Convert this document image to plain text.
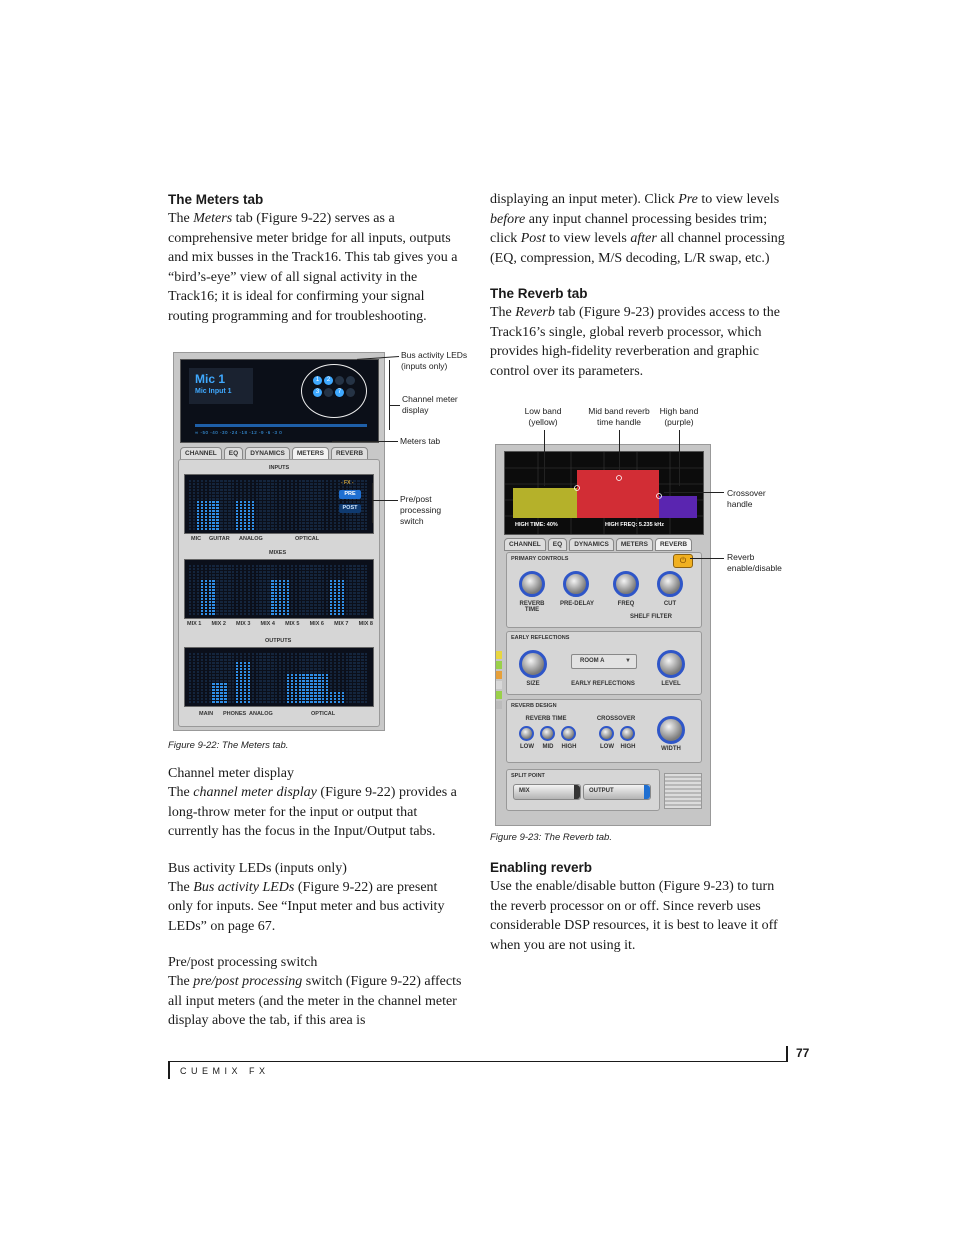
The Meters tab

The Meters tab (Figure 9-22) serves as a comprehensive meter bridge for all inputs, outputs and mix busses in the Track16. This tab gives you a “bird’s-eye” view of all signal activity in the Track16; it is ideal for confirming your signal routing programming and for troubleshooting.

Channel meter display

The channel meter display (Figure 9-22) provides a long-throw meter for the input or output that currently has the focus in the Input/Output tabs.

Bus activity LEDs (inputs only)

The Bus activity LEDs (Figure 9-22) are present only for inputs. See “Input meter and bus activity LEDs” on page 67.

Pre/post processing switch

The pre/post processing switch (Figure 9-22) affects all input meters (and the meter in the channel meter display above the tab, if this area is

displaying an input meter). Click Pre to view levels before any input channel processing besides trim; click Post to view levels after all channel processing (EQ, compression, M/S decoding, L/R swap, etc.)

The Reverb tab

The Reverb tab (Figure 9-23) provides access to the Track16’s single, global reverb processor, which provides high-fidelity reverberation and graphic control over its parameters.

Enabling reverb

Use the enable/disable button (Figure 9-23) to turn the reverb processor on or off. Since reverb uses considerable DSP resources, it is best to leave it off when you are not using it.

Mic 1
Mic Input 1
1	2
3	7
∞ -50 -40 -30 -24 -18 -12 -9 -6 -3 0
CHANNEL	EQ	DYNAMICS	METERS	REVERB
INPUTS
- FX -
PRE
POST
MIC GUITAR ANALOG	OPTICAL
MIXES
MIX 1 MIX 2 MIX 3 MIX 4 MIX 5 MIX 6 MIX 7 MIX 8
OUTPUTS
MAIN PHONES ANALOG	OPTICAL
Bus activity LEDs (inputs only)
Channel meter display
Meters tab
Pre/post processing switch
Figure 9-22: The Meters tab.
HIGH TIME: 40%	HIGH FREQ: 5.235 kHz
CHANNEL	EQ	DYNAMICS	METERS	REVERB
PRIMARY CONTROLS	⏻
REVERB TIME
PRE-DELAY	FREQ	CUT
SHELF FILTER
EARLY REFLECTIONS
SIZE
ROOM A	▼
EARLY REFLECTIONS	LEVEL
REVERB DESIGN
REVERB TIME	CROSSOVER
LOW	MID	HIGH	LOW	HIGH	WIDTH
SPLIT POINT
MIX	OUTPUT
Low band (yellow)
Mid band reverb time handle
High band (purple)
Crossover handle
Reverb enable/disable
Figure 9-23: The Reverb tab.
77
C U E M I X   F X
